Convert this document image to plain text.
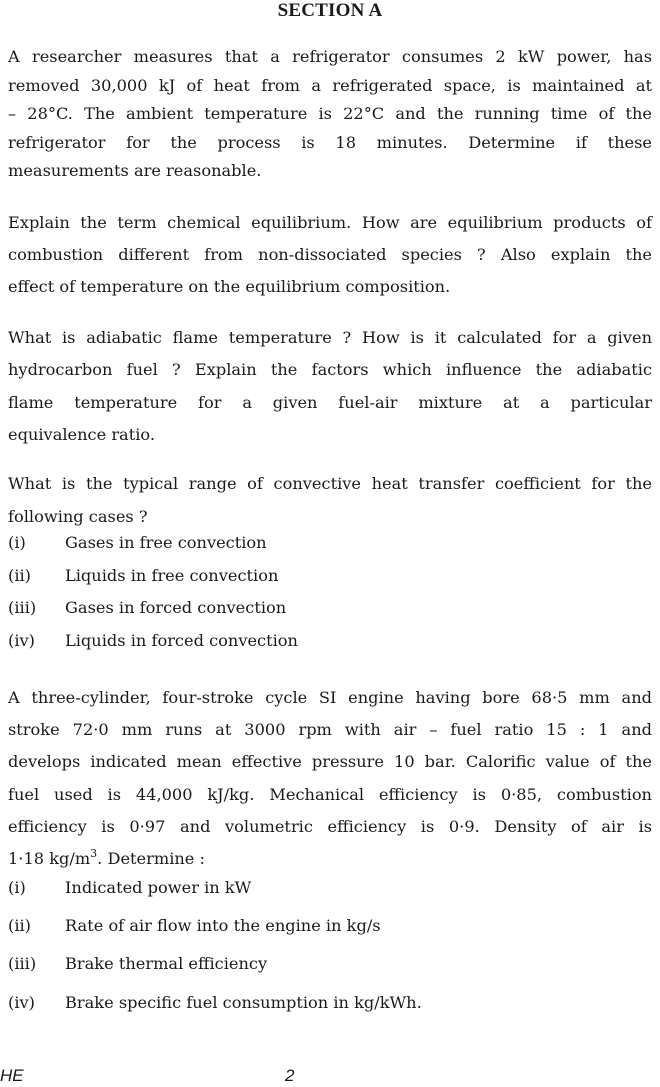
SECTION A

A researcher measures that a refrigerator consumes 2 kW power, has
removed 30,000 kJ of heat from a refrigerated space, is maintained at
– 28°C. The ambient temperature is 22°C and the running time of the
refrigerator for the process is 18 minutes. Determine if these
measurements are reasonable.

Explain the term chemical equilibrium. How are equilibrium products of
combustion different from non-dissociated species ? Also explain the
effect of temperature on the equilibrium composition.

What is adiabatic flame temperature ? How is it calculated for a given
hydrocarbon fuel ? Explain the factors which influence the adiabatic
flame temperature for a given fuel-air mixture at a particular
equivalence ratio.

What is the typical range of convective heat transfer coefficient for the
following cases ?

(i)	Gases in free convection
(ii)	Liquids in free convection
(iii)	Gases in forced convection
(iv)	Liquids in forced convection

A three-cylinder, four-stroke cycle SI engine having bore 68·5 mm and
stroke 72·0 mm runs at 3000 rpm with air – fuel ratio 15 : 1 and
develops indicated mean effective pressure 10 bar. Calorific value of the
fuel used is 44,000 kJ/kg. Mechanical efficiency is 0·85, combustion
efficiency is 0·97 and volumetric efficiency is 0·9. Density of air is
1·18 $kg/m^3$. Determine :

(i)	Indicated power in kW
(ii)	Rate of air flow into the engine in kg/s
(iii)	Brake thermal efficiency
(iv)	Brake specific fuel consumption in kg/kWh.
HE	2
